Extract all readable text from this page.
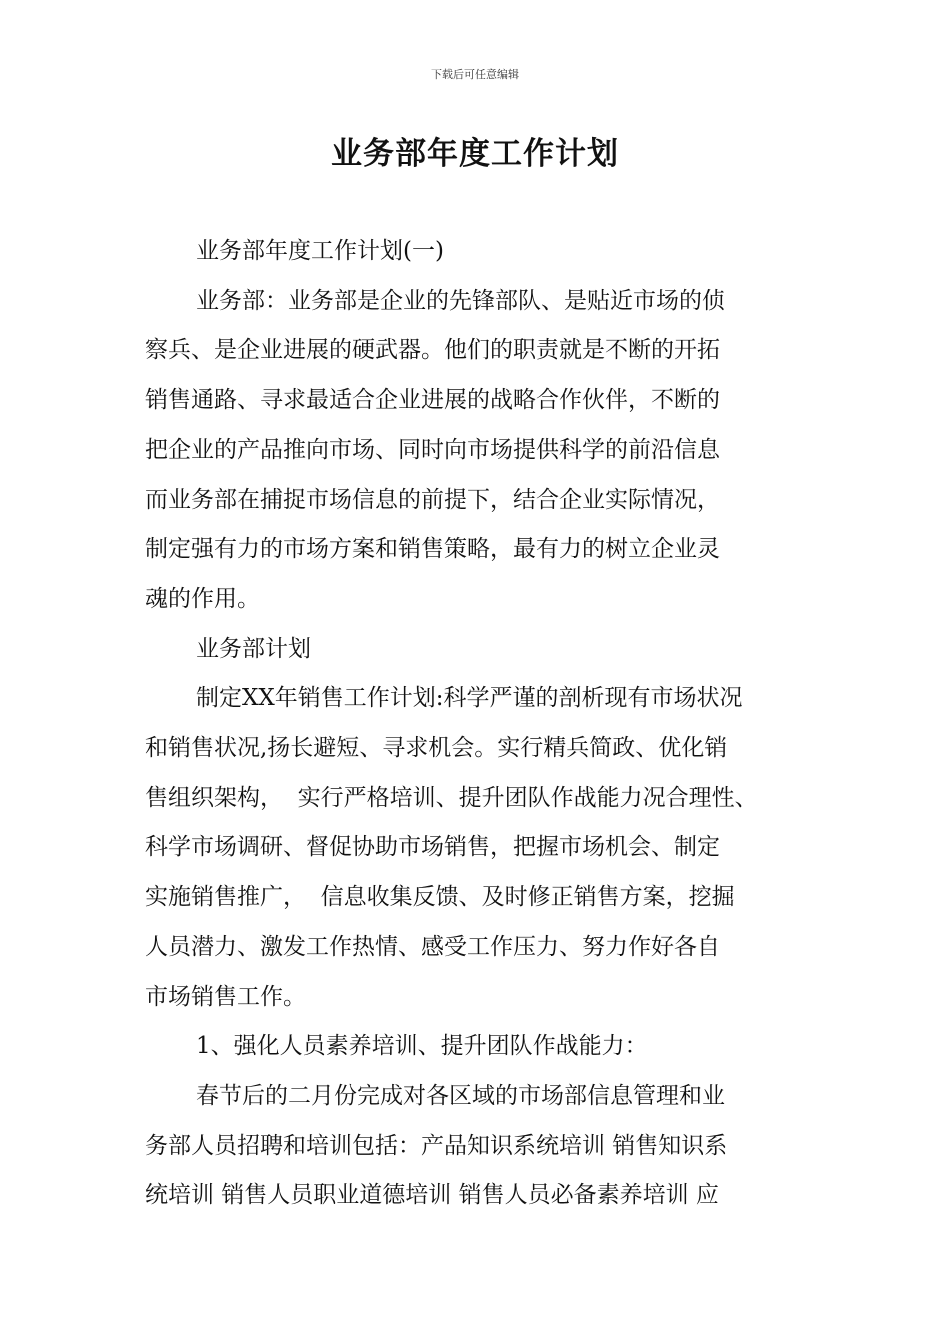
下载后可任意编辑
业务部年度工作计划

业务部年度工作计划(一)

业务部：业务部是企业的先锋部队、是贴近市场的侦

察兵、是企业进展的硬武器。他们的职责就是不断的开拓

销售通路、寻求最适合企业进展的战略合作伙伴，不断的

把企业的产品推向市场、同时向市场提供科学的前沿信息

而业务部在捕捉市场信息的前提下，结合企业实际情况，

制定强有力的市场方案和销售策略，最有力的树立企业灵

魂的作用。

业务部计划

制定XX年销售工作计划:科学严谨的剖析现有市场状况

和销售状况,扬长避短、寻求机会。实行精兵简政、优化销

售组织架构，  实行严格培训、提升团队作战能力况合理性、

科学市场调研、督促协助市场销售，把握市场机会、制定

实施销售推广，  信息收集反馈、及时修正销售方案，挖掘

人员潜力、激发工作热情、感受工作压力、努力作好各自

市场销售工作。

1、强化人员素养培训、提升团队作战能力：

春节后的二月份完成对各区域的市场部信息管理和业

务部人员招聘和培训包括：产品知识系统培训 销售知识系

统培训 销售人员职业道德培训 销售人员必备素养培训 应
